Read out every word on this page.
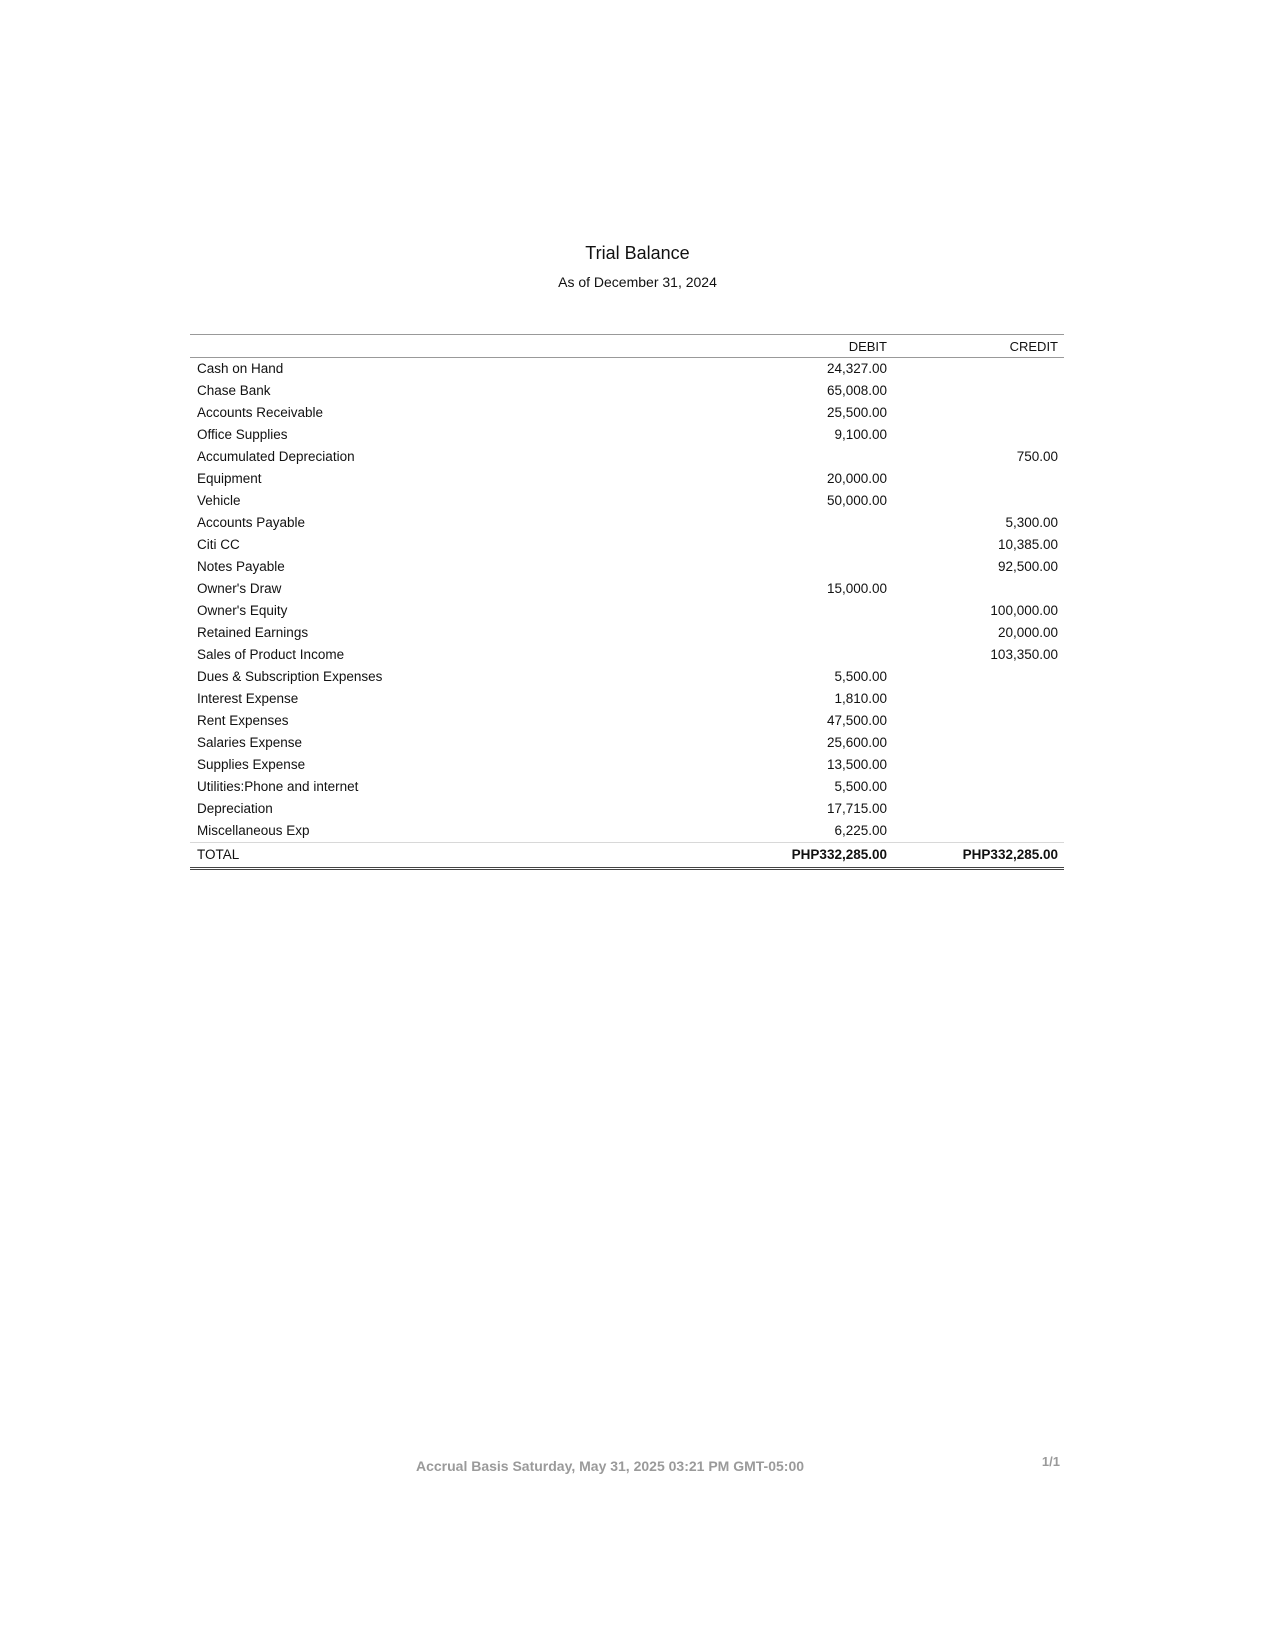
Trial Balance
As of December 31, 2024
	DEBIT	CREDIT
Cash on Hand	24,327.00	
Chase Bank	65,008.00	
Accounts Receivable	25,500.00	
Office Supplies	9,100.00	
Accumulated Depreciation		750.00
Equipment	20,000.00	
Vehicle	50,000.00	
Accounts Payable		5,300.00
Citi CC		10,385.00
Notes Payable		92,500.00
Owner's Draw	15,000.00	
Owner's Equity		100,000.00
Retained Earnings		20,000.00
Sales of Product Income		103,350.00
Dues & Subscription Expenses	5,500.00	
Interest Expense	1,810.00	
Rent Expenses	47,500.00	
Salaries Expense	25,600.00	
Supplies Expense	13,500.00	
Utilities:Phone and internet	5,500.00	
Depreciation	17,715.00	
Miscellaneous Exp	6,225.00	
TOTAL	PHP332,285.00	PHP332,285.00
Accrual Basis Saturday, May 31, 2025 03:21 PM GMT-05:00	1/1
